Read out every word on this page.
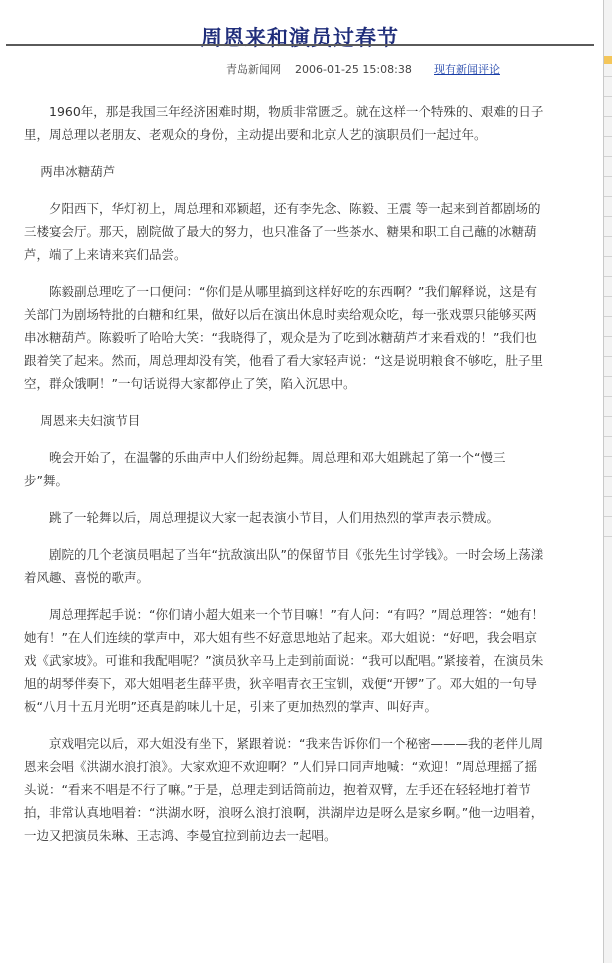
周恩来和演员过春节
青岛新闻网 2006-01-25 15:08:38 现有新闻评论

1960年，那是我国三年经济困难时期，物质非常匮乏。就在这样一个特殊的、艰难的日子里，周总理以老朋友、老观众的身份，主动提出要和北京人艺的演职员们一起过年。

两串冰糖葫芦

夕阳西下，华灯初上，周总理和邓颖超，还有李先念、陈毅、王震 等一起来到首都剧场的三楼宴会厅。那天，剧院做了最大的努力，也只准备了一些茶水、糖果和职工自己蘸的冰糖葫芦，端了上来请来宾们品尝。

陈毅副总理吃了一口便问：“你们是从哪里搞到这样好吃的东西啊？”我们解释说，这是有关部门为剧场特批的白糖和红果，做好以后在演出休息时卖给观众吃，每一张戏票只能够买两串冰糖葫芦。陈毅听了哈哈大笑：“我晓得了，观众是为了吃到冰糖葫芦才来看戏的！”我们也跟着笑了起来。然而，周总理却没有笑，他看了看大家轻声说：“这是说明粮食不够吃，肚子里空，群众饿啊！”一句话说得大家都停止了笑，陷入沉思中。

周恩来夫妇演节目

晚会开始了，在温馨的乐曲声中人们纷纷起舞。周总理和邓大姐跳起了第一个“慢三步”舞。

跳了一轮舞以后，周总理提议大家一起表演小节目，人们用热烈的掌声表示赞成。

剧院的几个老演员唱起了当年“抗敌演出队”的保留节目《张先生讨学钱》。一时会场上荡漾着风趣、喜悦的歌声。

周总理挥起手说：“你们请小超大姐来一个节目嘛！”有人问：“有吗？”周总理答：“她有！她有！”在人们连续的掌声中，邓大姐有些不好意思地站了起来。邓大姐说：“好吧，我会唱京戏《武家坡》。可谁和我配唱呢？”演员狄辛马上走到前面说：“我可以配唱。”紧接着，在演员朱旭的胡琴伴奏下，邓大姐唱老生薛平贵，狄辛唱青衣王宝钏，戏便“开锣”了。邓大姐的一句导板“八月十五月光明”还真是韵味儿十足，引来了更加热烈的掌声、叫好声。

京戏唱完以后，邓大姐没有坐下，紧跟着说：“我来告诉你们一个秘密———我的老伴儿周恩来会唱《洪湖水浪打浪》。大家欢迎不欢迎啊？”人们异口同声地喊：“欢迎！”周总理摇了摇头说：“看来不唱是不行了嘛。”于是，总理走到话筒前边，抱着双臂，左手还在轻轻地打着节拍，非常认真地唱着：“洪湖水呀，浪呀么浪打浪啊，洪湖岸边是呀么是家乡啊。”他一边唱着，一边又把演员朱琳、王志鸿、李曼宜拉到前边去一起唱。
